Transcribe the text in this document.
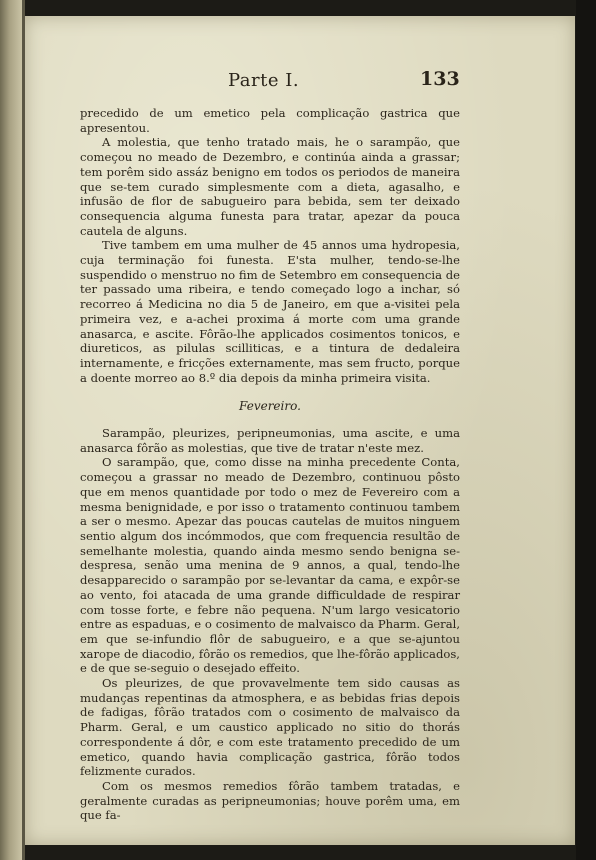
Parte I.	133

precedido de um emetico pela complicação gastrica que apresentou.

A molestia, que tenho tratado mais, he o sarampão, que começou no meado de Dezembro, e continúa ainda a grassar; tem porêm sido assáz benigno em todos os periodos de maneira que se-tem curado simplesmente com a dieta, agasalho, e infusão de flor de sabugueiro para bebida, sem ter deixado consequencia alguma funesta para tratar, apezar da pouca cautela de alguns.

Tive tambem em uma mulher de 45 annos uma hydropesia, cuja terminação foi funesta. E'sta mulher, tendo-se-lhe suspendido o menstruo no fim de Setembro em consequencia de ter passado uma ribeira, e tendo começado logo a inchar, só recorreo á Medicina no dia 5 de Janeiro, em que a-visitei pela primeira vez, e a-achei proxima á morte com uma grande anasarca, e ascite. Fôrão-lhe applicados cosimentos tonicos, e diureticos, as pilulas scilliticas, e a tintura de dedaleira internamente, e fricções externamente, mas sem fructo, porque a doente morreo ao 8.º dia depois da minha primeira visita.

Fevereiro.

Sarampão, pleurizes, peripneumonias, uma ascite, e uma anasarca fôrão as molestias, que tive de tratar n'este mez.

O sarampão, que, como disse na minha precedente Conta, começou a grassar no meado de Dezembro, continuou pôsto que em menos quantidade por todo o mez de Fevereiro com a mesma benignidade, e por isso o tratamento continuou tambem a ser o mesmo. Apezar das poucas cautelas de muitos ninguem sentio algum dos incómmodos, que com frequencia resultão de semelhante molestia, quando ainda mesmo sendo benigna se-despresa, senão uma menina de 9 annos, a qual, tendo-lhe desapparecido o sarampão por se-levantar da cama, e expôr-se ao vento, foi atacada de uma grande difficuldade de respirar com tosse forte, e febre não pequena. N'um largo vesicatorio entre as espaduas, e o cosimento de malvaisco da Pharm. Geral, em que se-infundio flôr de sabugueiro, e a que se-ajuntou xarope de diacodio, fôrão os remedios, que lhe-fôrão applicados, e de que se-seguio o desejado effeito.

Os pleurizes, de que provavelmente tem sido causas as mudanças repentinas da atmosphera, e as bebidas frias depois de fadigas, fôrão tratados com o cosimento de malvaisco da Pharm. Geral, e um caustico applicado no sitio do thorás correspondente á dôr, e com este tratamento precedido de um emetico, quando havia complicação gastrica, fôrão todos felizmente curados.

Com os mesmos remedios fôrão tambem tratadas, e geralmente curadas as peripneumonias; houve porêm uma, em que fa-
